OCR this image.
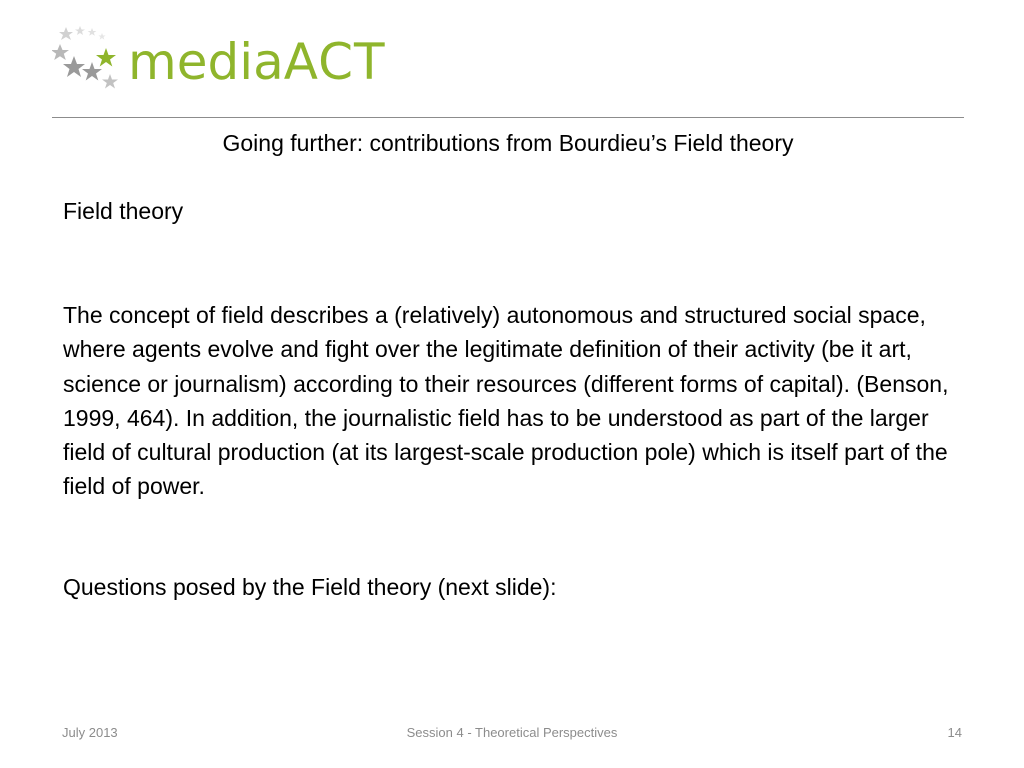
mediaACT
Going further: contributions from Bourdieu’s Field theory
Field theory
The concept of field describes a (relatively) autonomous and structured social space, where agents evolve and fight over the legitimate definition of their activity (be it art, science or journalism) according to their resources (different forms of capital). (Benson, 1999, 464). In addition, the journalistic field has to be understood as part of the larger field of cultural production (at its largest-scale production pole) which is itself part of the field of power.
Questions posed by the Field theory (next slide):
July 2013	Session 4 - Theoretical Perspectives	14
